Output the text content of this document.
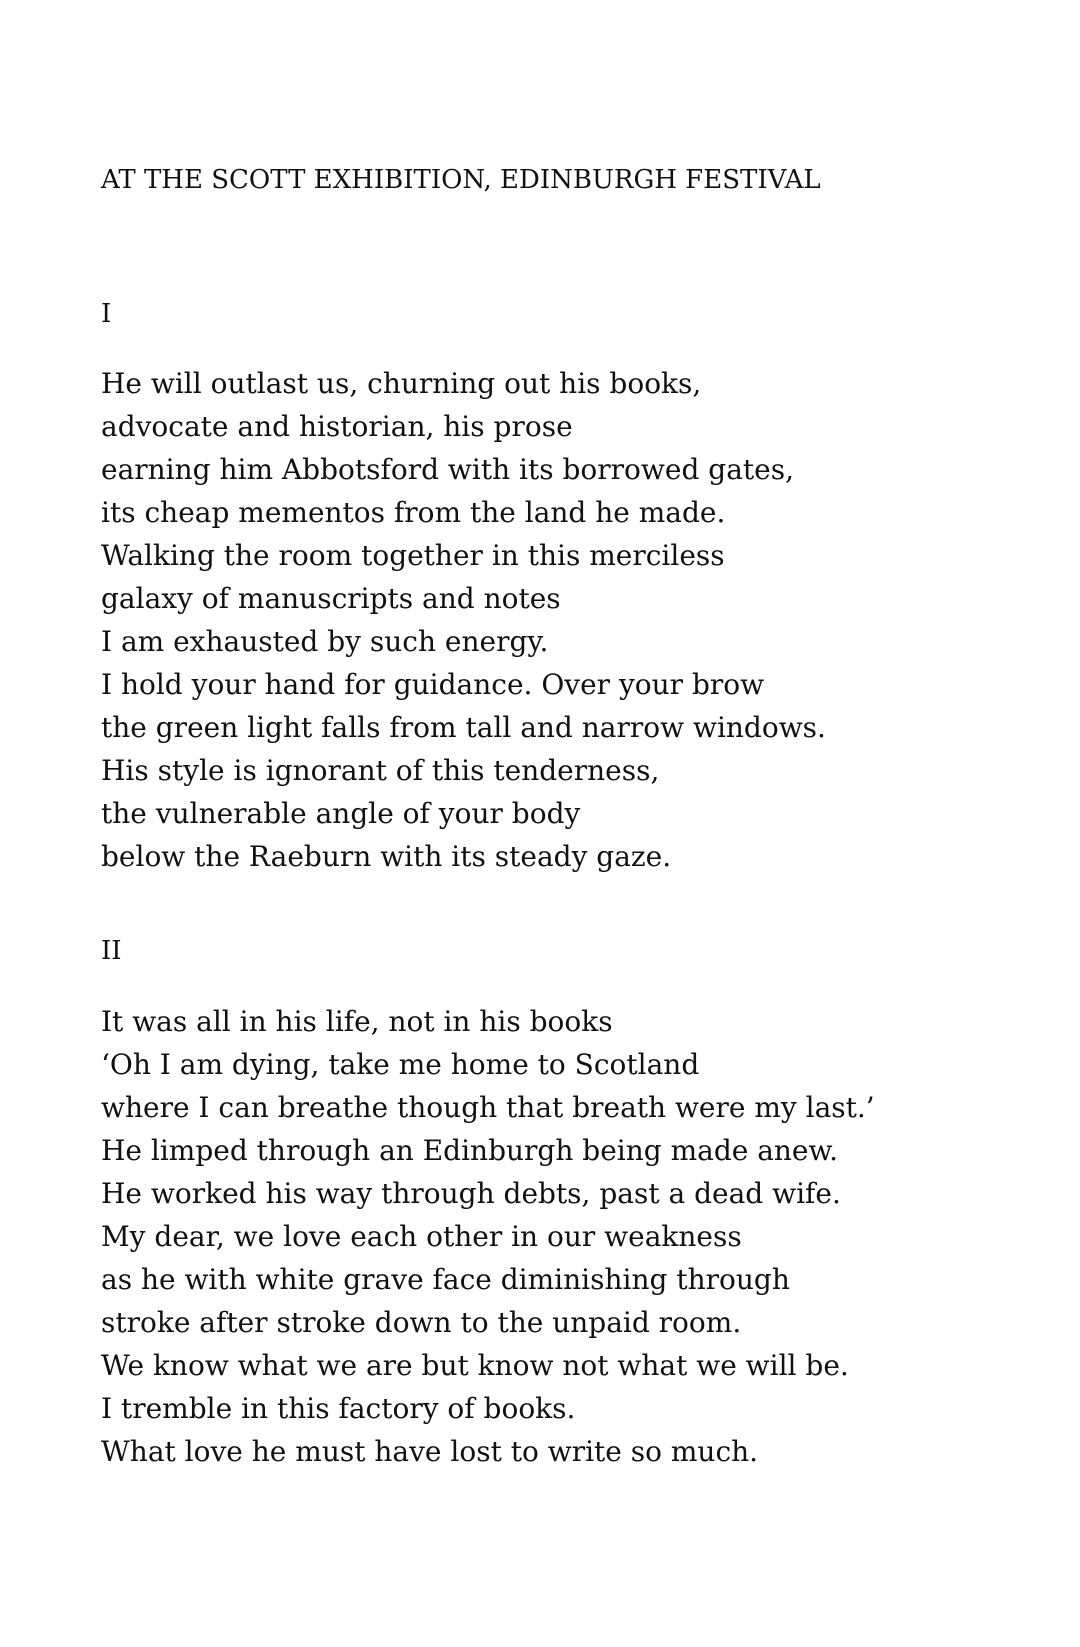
AT THE SCOTT EXHIBITION, EDINBURGH FESTIVAL
I
He will outlast us, churning out his books,
advocate and historian, his prose
earning him Abbotsford with its borrowed gates,
its cheap mementos from the land he made.
Walking the room together in this merciless
galaxy of manuscripts and notes
I am exhausted by such energy.
I hold your hand for guidance. Over your brow
the green light falls from tall and narrow windows.
His style is ignorant of this tenderness,
the vulnerable angle of your body
below the Raeburn with its steady gaze.
II
It was all in his life, not in his books
‘Oh I am dying, take me home to Scotland
where I can breathe though that breath were my last.’
He limped through an Edinburgh being made anew.
He worked his way through debts, past a dead wife.
My dear, we love each other in our weakness
as he with white grave face diminishing through
stroke after stroke down to the unpaid room.
We know what we are but know not what we will be.
I tremble in this factory of books.
What love he must have lost to write so much.
